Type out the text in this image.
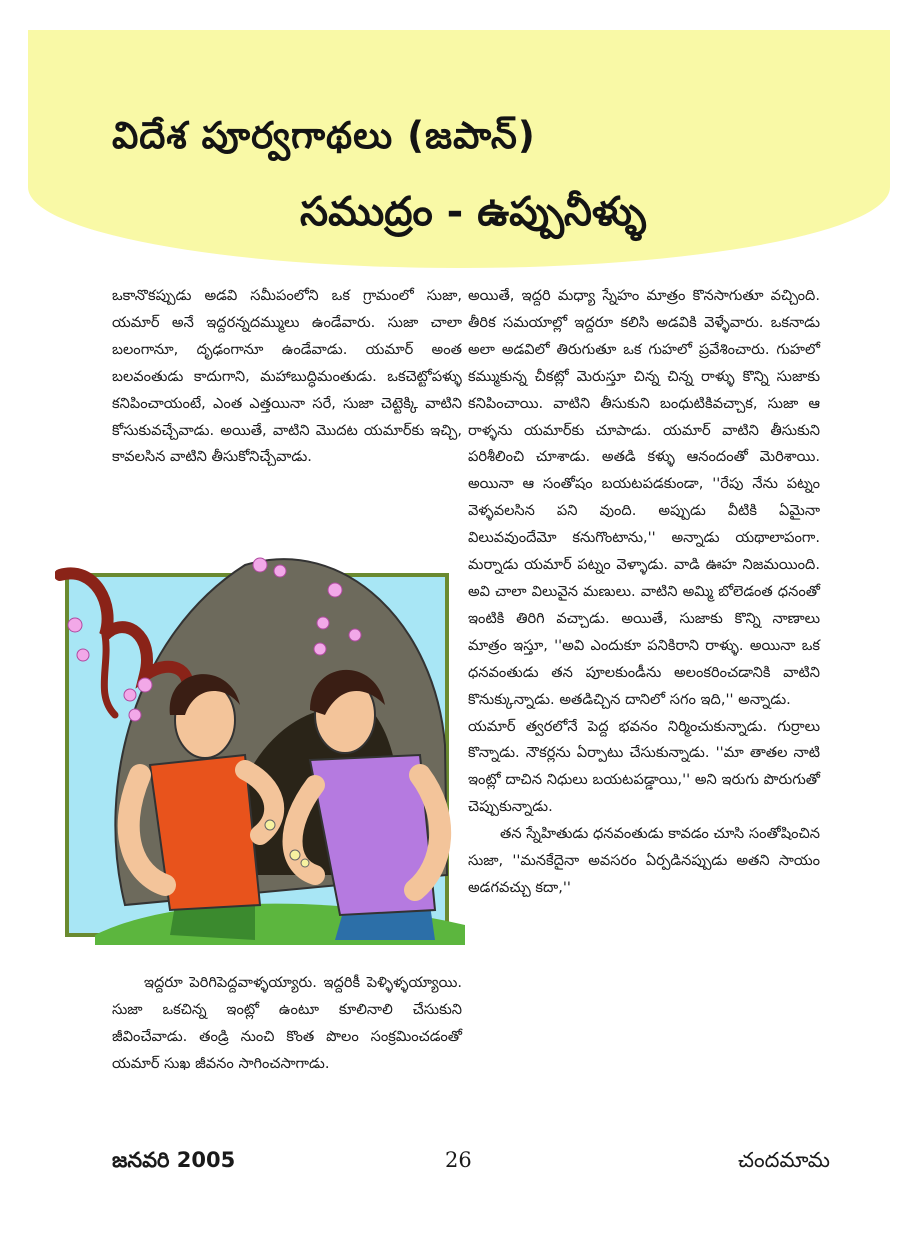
విదేశ పూర్వగాథలు (జపాన్)
సముద్రం - ఉప్పునీళ్ళు

ఒకానొకప్పుడు అడవి సమీపంలోని ఒక గ్రామంలో సుజా, యమార్ అనే ఇద్దరన్నదమ్ములు ఉండేవారు. సుజా చాలా బలంగానూ, దృఢంగానూ ఉండేవాడు. యమార్ అంత బలవంతుడు కాదుగాని, మహాబుద్ధిమంతుడు. ఒకచెట్టోపళ్ళు కనిపించాయంటే, ఎంత ఎత్తయినా సరే, సుజా చెట్టెక్కి వాటిని కోసుకువచ్చేవాడు. అయితే, వాటిని మొదట యమార్‌కు ఇచ్చి, కావలసిన వాటిని తీసుకోనిచ్చేవాడు.

ఇద్దరూ పెరిగిపెద్దవాళ్ళయ్యారు. ఇద్దరికీ పెళ్ళిళ్ళయ్యాయి. సుజా ఒకచిన్న ఇంట్లో ఉంటూ కూలినాలి చేసుకుని జీవించేవాడు. తండ్రి నుంచి కొంత పొలం సంక్రమించడంతో యమార్ సుఖ జీవనం సాగించసాగాడు.

అయితే, ఇద్దరి మధ్యా స్నేహం మాత్రం కొనసాగుతూ వచ్చింది. తీరిక సమయాల్లో ఇద్దరూ కలిసి అడవికి వెళ్ళేవారు. ఒకనాడు అలా అడవిలో తిరుగుతూ ఒక గుహలో ప్రవేశించారు. గుహలో కమ్ముకున్న చీకట్లో మెరుస్తూ చిన్న చిన్న రాళ్ళు కొన్ని సుజాకు కనిపించాయి. వాటిని తీసుకుని బంధుటికివచ్చాక, సుజా ఆ రాళ్ళను యమార్‌కు చూపాడు. యమార్ వాటిని తీసుకుని పరిశీలించి చూశాడు. అతడి కళ్ళు ఆనందంతో మెరిశాయి. అయినా ఆ సంతోషం బయటపడకుండా, ''రేపు నేను పట్నం వెళ్ళవలసిన పని వుంది. అప్పుడు వీటికి ఏమైనా విలువవుందేమో కనుగొంటాను,'' అన్నాడు యథాలాపంగా. మర్నాడు యమార్ పట్నం వెళ్ళాడు. వాడి ఊహ నిజమయింది. అవి చాలా విలువైన మణులు. వాటిని అమ్మి బోలెడంత ధనంతో ఇంటికి తిరిగి వచ్చాడు. అయితే, సుజాకు కొన్ని నాణాలు మాత్రం ఇస్తూ, ''అవి ఎందుకూ పనికిరాని రాళ్ళు. అయినా ఒక ధనవంతుడు తన పూలకుండీను అలంకరించడానికి వాటిని కొనుక్కున్నాడు. అతడిచ్చిన దానిలో సగం ఇది,'' అన్నాడు.

యమార్ త్వరలోనే పెద్ద భవనం నిర్మించుకున్నాడు. గుర్రాలు కొన్నాడు. నౌకర్లను ఏర్పాటు చేసుకున్నాడు. ''మా తాతల నాటి ఇంట్లో దాచిన నిధులు బయటపడ్డాయి,'' అని ఇరుగు పొరుగుతో చెప్పుకున్నాడు.

తన స్నేహితుడు ధనవంతుడు కావడం చూసి సంతోషించిన సుజా, ''మనకేదైనా అవసరం ఏర్పడినప్పుడు అతని సాయం అడగవచ్చు కదా,''

జనవరి 2005	26	చందమామ
